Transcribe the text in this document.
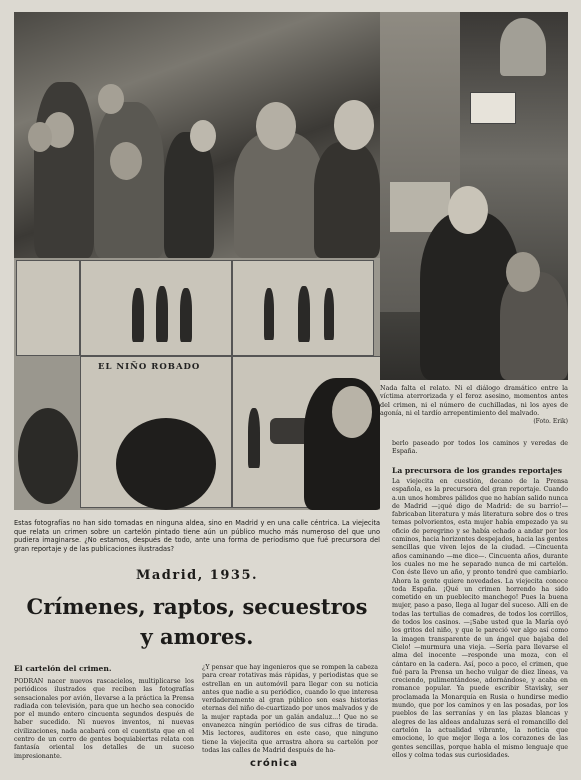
EL NIÑO ROBADO
Nada falta el relato. Ni el diálogo dramático entre la víctima aterrorizada y el feroz asesino, momentos antes del crimen, ni el número de cuchilladas, ni los ayes de agonía, ni el tardío arrepentimiento del malvado.
(Foto. Erik)
Estas fotografías no han sido tomadas en ninguna aldea, sino en Madrid y en una calle céntrica. La viejecita que relata un crimen sobre un cartelón pintado tiene aún un público mucho más numeroso del que uno pudiera imaginarse. ¿No estamos, después de todo, ante una forma de periodismo que fué precursora del gran reportaje y de las publicaciones ilustradas?
Madrid, 1935.
Crímenes, raptos, secuestros
y amores.
El cartelón del crimen.
PODRÁN nacer nuevos rascacielos, multiplicarse los periódicos ilustrados que reciben las fotografías sensacionales por avión, llevarse a la práctica la Prensa radiada con televisión, para que un hecho sea conocido por el mundo entero cincuenta segundos después de haber sucedido. Ni nuevos inventos, ni nuevas civilizaciones, nada acabará con el cuentista que en el centro de un corro de gentes boquiabiertas relata con fantasía oriental los detalles de un suceso impresionante.
¿Y pensar que hay ingenieros que se rompen la cabeza para crear rotativas más rápidas, y periodistas que se estrellan en un automóvil para llegar con su noticia antes que nadie a su periódico, cuando lo que interesa verdaderamente al gran público son esas historias eternas del niño de-cuartizado por unos malvados y de la mujer raptada por un galán andaluz...! Que no se envanezca ningún periódico de sus cifras de tirada. Mis lectores, auditores en este caso, que ninguno tiene la viejecita que arrastra ahora su cartelón por todas las calles de Madrid después de ha-
berlo paseado por todos los caminos y veredas de España.
La precursora de los grandes reportajes
La viejecita en cuestión, decano de la Prensa española, es la precursora del gran reportaje. Cuando a.un unos hombres pálidos que no habían salido nunca de Madrid —¡qué digo de Madrid: de su barrio!— fabricaban literatura y más literatura sobre dos o tres temas polvorientos, esta mujer había empezado ya su oficio de peregrino y se había echado a andar por los caminos, hacia horizontes despejados, hacia las gentes sencillas que viven lejos de la ciudad. —Cincuenta años caminando —me dice—. Cincuenta años, durante los cuales no me he separado nunca de mi cartelón. Con éste llevo un año, y pronto tendré que cambiarlo. Ahora la gente quiere novedades. La viejecita conoce toda España. ¡Qué un crimen horrendo ha sido cometido en un pueblecito manchego! Pues la buena mujer, paso a paso, llega al lugar del suceso. Allí en de todas las tertulias de comadres, de todos los corrillos, de todos los casinos. —¡Sabe usted que la María oyó los gritos del niño, y que le pareció ver algo así como la imagen transparente de un ángel que bajaba del Cielo! —murmura una vieja. —Sería para llevarse el alma del inocente —responde una moza, con el cántaro en la cadera. Así, poco a poco, el crimen, que fué para la Prensa un hecho vulgar de diez líneas, va creciendo, pulimentándose, adornándose, y acaba en romance popular. Ya puede escribir Stavisky, ser proclamada la Monarquía en Rusia o hundirse medio mundo, que por los caminos y en las posadas, por los pueblos de las serranías y en las plazas blancas y alegres de las aldeas andaluzas será el romancillo del cartelón la actualidad vibrante, la noticia que emocione, lo que mejor llega a los corazones de las gentes sencillas, porque habla el mismo lenguaje que ellos y colma todas sus curiosidades.
crónica
